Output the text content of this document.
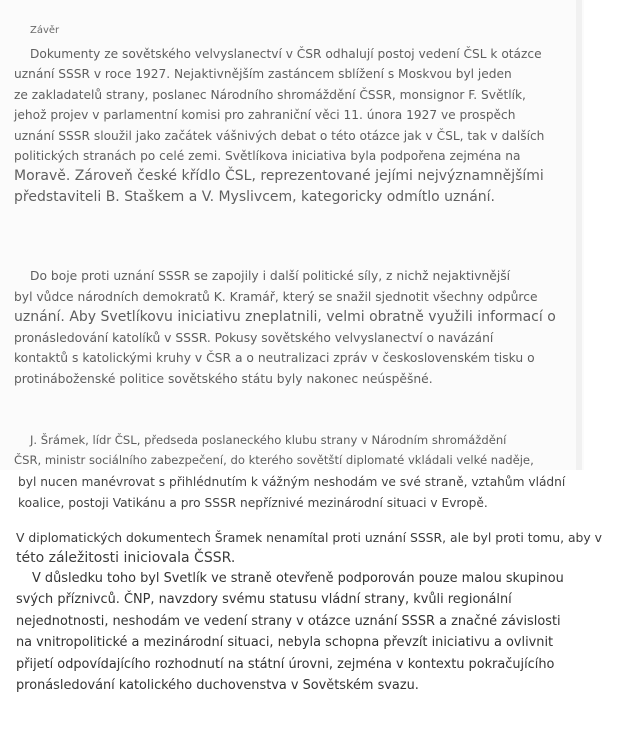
Závěr
Dokumenty ze sovětského velvyslanectví v ČSR odhalují postoj vedení ČSL k otázce
uznání SSSR v roce 1927. Nejaktivnějším zastáncem sblížení s Moskvou byl jeden
ze zakladatelů strany, poslanec Národního shromáždění ČSSR, monsignor F. Světlík,
jehož projev v parlamentní komisi pro zahraniční věci 11. února 1927 ve prospěch
uznání SSSR sloužil jako začátek vášnivých debat o této otázce jak v ČSL, tak v dalších
politických stranách po celé zemi. Světlíkova iniciativa byla podpořena zejména na
Moravě. Zároveň české křídlo ČSL, reprezentované jejími nejvýznamnějšími
představiteli B. Staškem a V. Myslivcem, kategoricky odmítlo uznání.
Do boje proti uznání SSSR se zapojily i další politické síly, z nichž nejaktivnější
byl vůdce národních demokratů K. Kramář, který se snažil sjednotit všechny odpůrce
uznání. Aby Svetlíkovu iniciativu zneplatnili, velmi obratně využili informací o
pronásledování katolíků v SSSR. Pokusy sovětského velvyslanectví o navázání
kontaktů s katolickými kruhy v ČSR a o neutralizaci zpráv v československém tisku o
protináboženské politice sovětského státu byly nakonec neúspěšné.
J. Šrámek, lídr ČSL, předseda poslaneckého klubu strany v Národním shromáždění
ČSR, ministr sociálního zabezpečení, do kterého sovětští diplomaté vkládali velké naděje,
byl nucen manévrovat s přihlédnutím k vážným neshodám ve své straně, vztahům vládní
koalice, postoji Vatikánu a pro SSSR nepříznivé mezinárodní situaci v Evropě.
V diplomatických dokumentech Šramek nenamítal proti uznání SSSR, ale byl proti tomu, aby v
této záležitosti iniciovala ČSSR.
V důsledku toho byl Svetlík ve straně otevřeně podporován pouze malou skupinou
svých příznivců. ČNP, navzdory svému statusu vládní strany, kvůli regionální
nejednotnosti, neshodám ve vedení strany v otázce uznání SSSR a značné závislosti
na vnitropolitické a mezinárodní situaci, nebyla schopna převzít iniciativu a ovlivnit
přijetí odpovídajícího rozhodnutí na státní úrovni, zejména v kontextu pokračujícího
pronásledování katolického duchovenstva v Sovětském svazu.
